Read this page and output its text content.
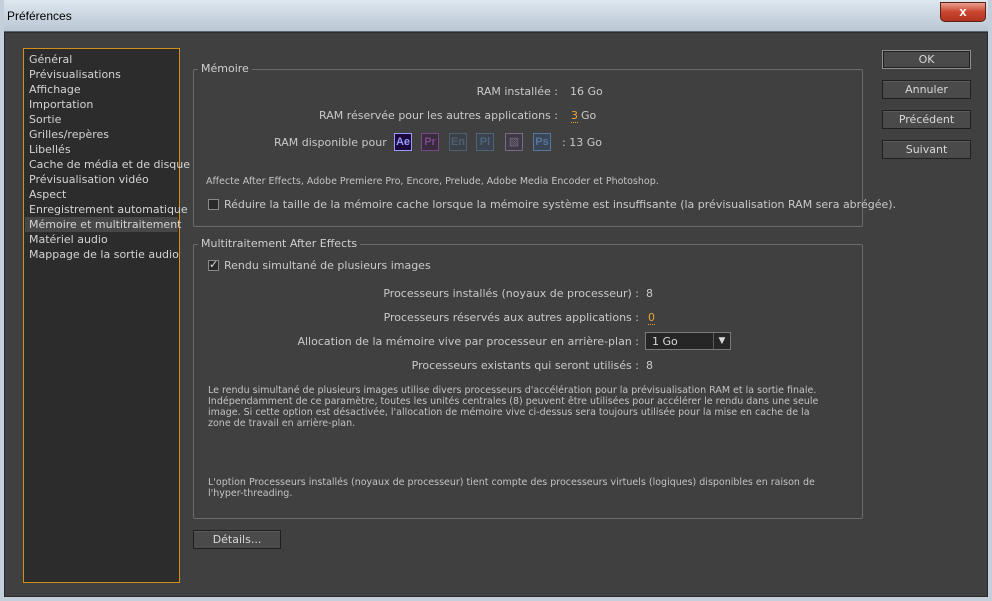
Préférences	x
Général
Prévisualisations
Affichage
Importation
Sortie
Grilles/repères
Libellés
Cache de média et de disque
Prévisualisation vidéo
Aspect
Enregistrement automatique
Mémoire et multitraitement
Matériel audio
Mappage de la sortie audio
OK
Annuler
Précédent
Suivant
Mémoire
RAM installée : 16 Go
RAM réservée pour les autres applications : 3 Go
RAM disponible pour Ae Pr En	Pl	▧	Ps : 13 Go
Affecte After Effects, Adobe Premiere Pro, Encore, Prelude, Adobe Media Encoder et Photoshop.
Réduire la taille de la mémoire cache lorsque la mémoire système est insuffisante (la prévisualisation RAM sera abrégée).
Multitraitement After Effects
✓ Rendu simultané de plusieurs images
Processeurs installés (noyaux de processeur) : 8
Processeurs réservés aux autres applications : 0
Allocation de la mémoire vive par processeur en arrière-plan : 1 Go	▼
Processeurs existants qui seront utilisés : 8
Le rendu simultané de plusieurs images utilise divers processeurs d'accélération pour la prévisualisation RAM et la sortie finale. Indépendamment de ce paramètre, toutes les unités centrales (8) peuvent être utilisées pour accélérer le rendu dans une seule image. Si cette option est désactivée, l'allocation de mémoire vive ci-dessus sera toujours utilisée pour la mise en cache de la zone de travail en arrière-plan.
L'option Processeurs installés (noyaux de processeur) tient compte des processeurs virtuels (logiques) disponibles en raison de l'hyper-threading.
Détails...
